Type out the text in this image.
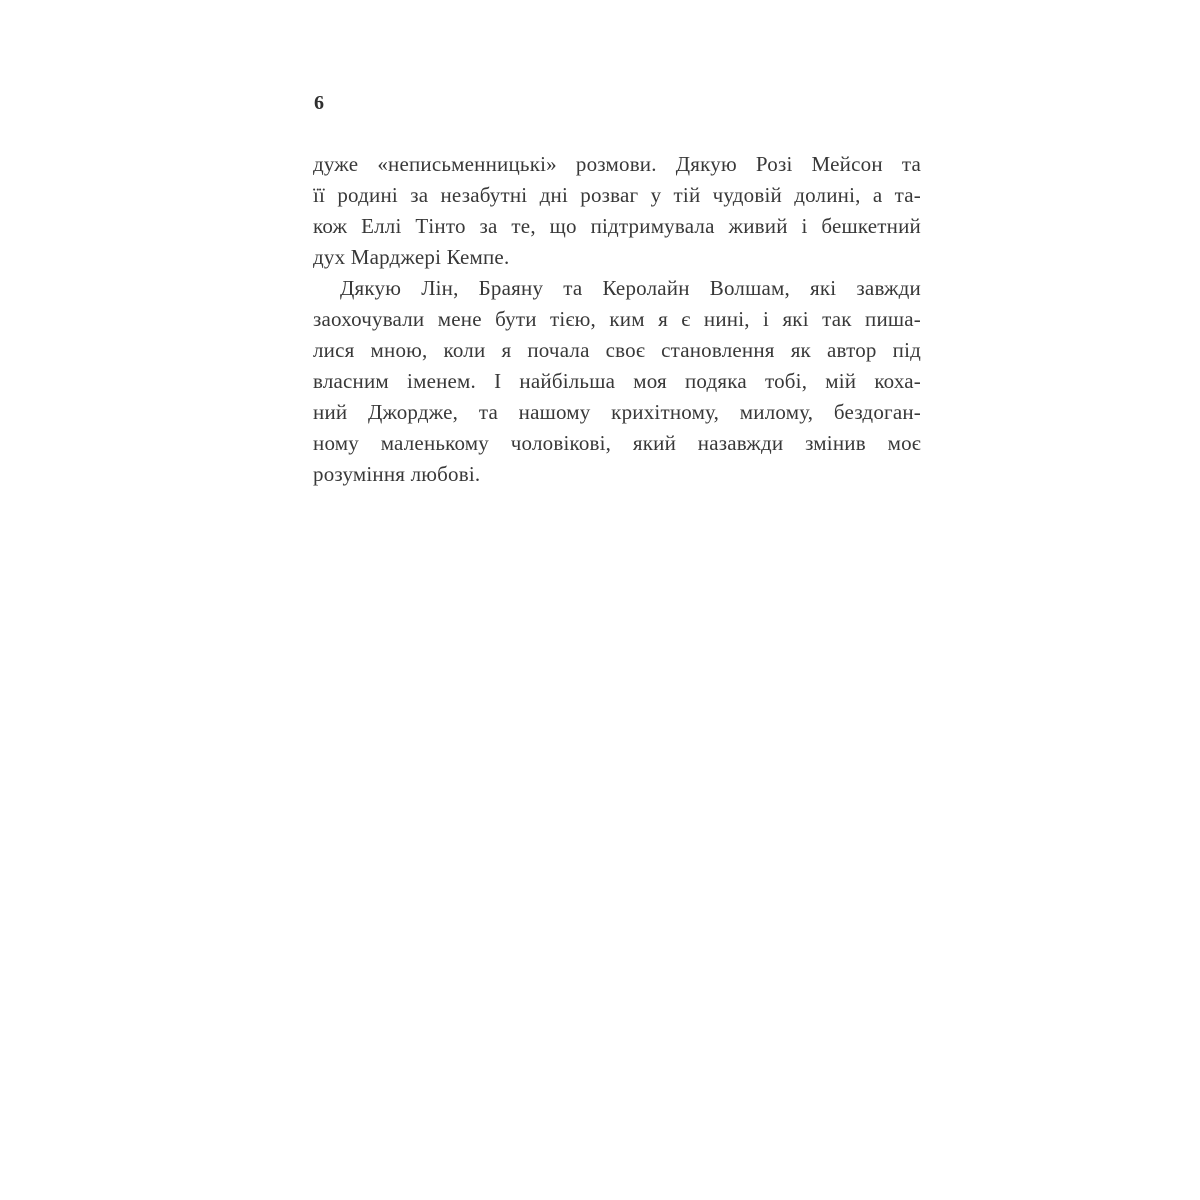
6
дуже «неписьменницькі» розмови. Дякую Розі Мейсон та
її родині за незабутні дні розваг у тій чудовій долині, а та-
кож Еллі Тінто за те, що підтримувала живий і бешкетний
дух Марджері Кемпе.
Дякую Лін, Браяну та Керолайн Волшам, які завжди
заохочували мене бути тією, ким я є нині, і які так пиша-
лися мною, коли я почала своє становлення як автор під
власним іменем. І найбільша моя подяка тобі, мій коха-
ний Джордже, та нашому крихітному, милому, бездоган-
ному маленькому чоловікові, який назавжди змінив моє
розуміння любові.
